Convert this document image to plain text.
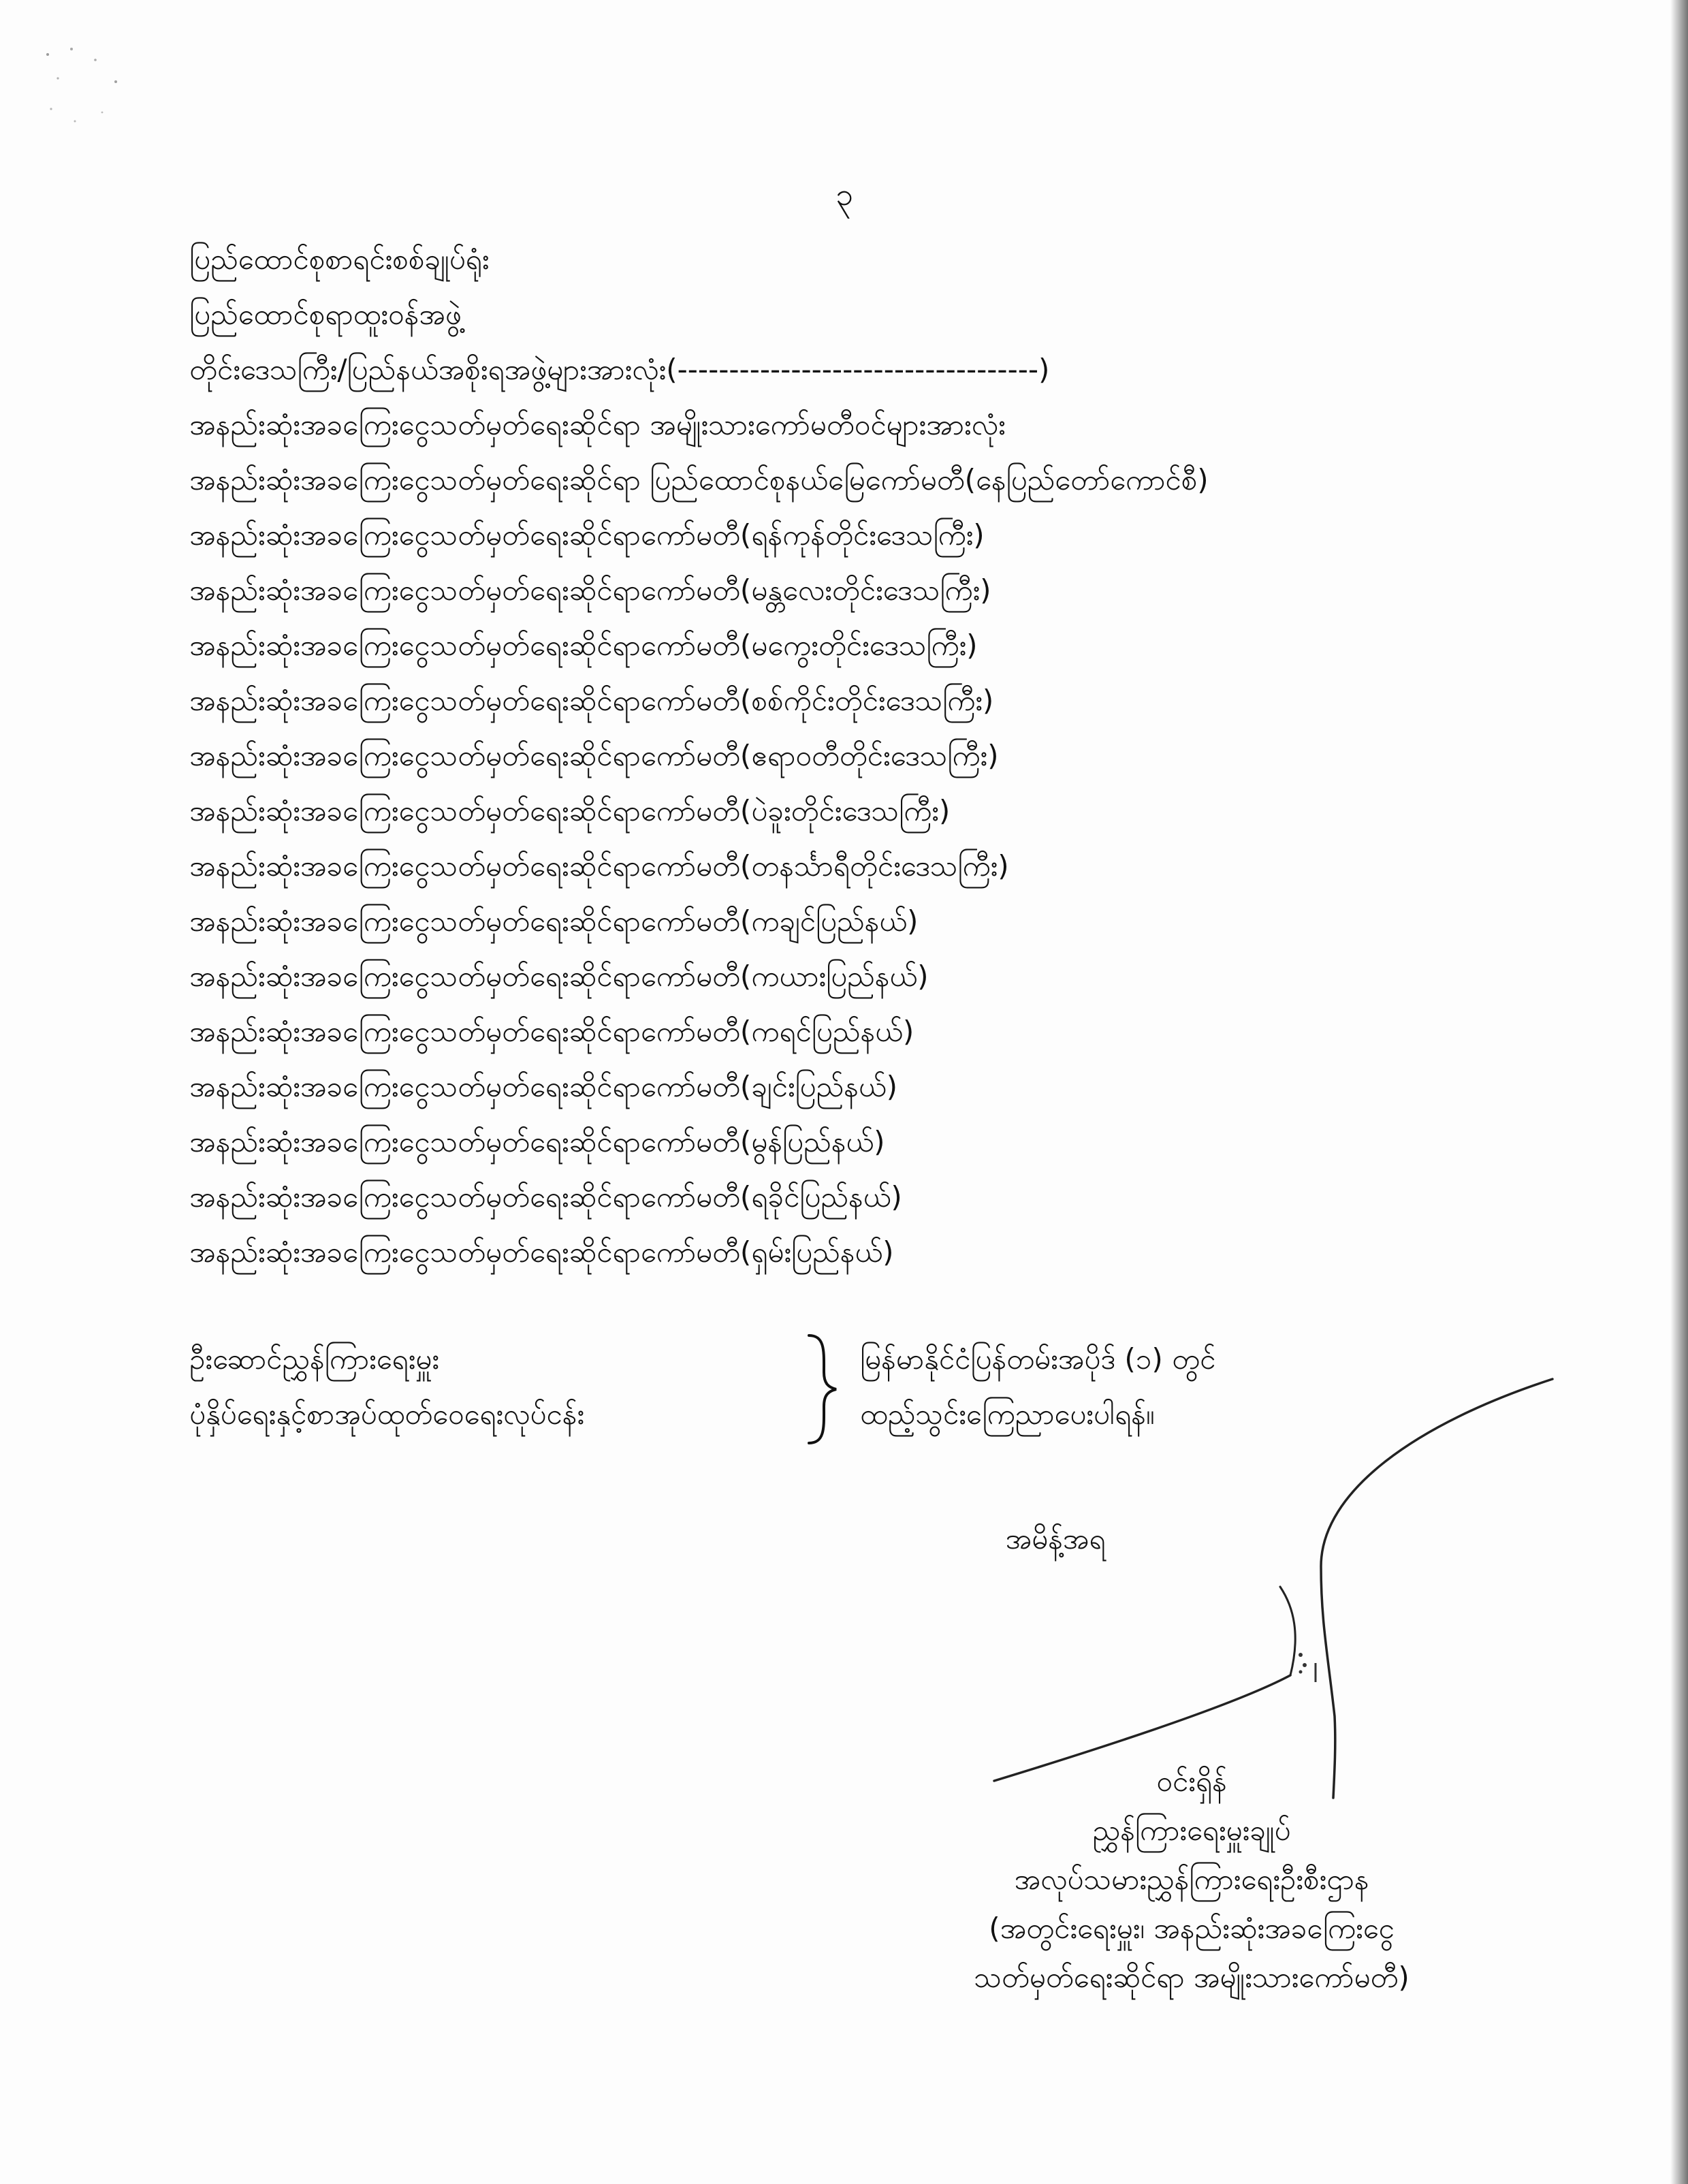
၃
ပြည်ထောင်စုစာရင်းစစ်ချုပ်ရုံး
ပြည်ထောင်စုရာထူးဝန်အဖွဲ့
တိုင်းဒေသကြီး/ပြည်နယ်အစိုးရအဖွဲ့များအားလုံး(-----------------------------------)
အနည်းဆုံးအခကြေးငွေသတ်မှတ်ရေးဆိုင်ရာ အမျိုးသားကော်မတီဝင်များအားလုံး
အနည်းဆုံးအခကြေးငွေသတ်မှတ်ရေးဆိုင်ရာ ပြည်ထောင်စုနယ်မြေကော်မတီ(နေပြည်တော်ကောင်စီ)
အနည်းဆုံးအခကြေးငွေသတ်မှတ်ရေးဆိုင်ရာကော်မတီ(ရန်ကုန်တိုင်းဒေသကြီး)
အနည်းဆုံးအခကြေးငွေသတ်မှတ်ရေးဆိုင်ရာကော်မတီ(မန္တလေးတိုင်းဒေသကြီး)
အနည်းဆုံးအခကြေးငွေသတ်မှတ်ရေးဆိုင်ရာကော်မတီ(မကွေးတိုင်းဒေသကြီး)
အနည်းဆုံးအခကြေးငွေသတ်မှတ်ရေးဆိုင်ရာကော်မတီ(စစ်ကိုင်းတိုင်းဒေသကြီး)
အနည်းဆုံးအခကြေးငွေသတ်မှတ်ရေးဆိုင်ရာကော်မတီ(ဧရာဝတီတိုင်းဒေသကြီး)
အနည်းဆုံးအခကြေးငွေသတ်မှတ်ရေးဆိုင်ရာကော်မတီ(ပဲခူးတိုင်းဒေသကြီး)
အနည်းဆုံးအခကြေးငွေသတ်မှတ်ရေးဆိုင်ရာကော်မတီ(တနင်္သာရီတိုင်းဒေသကြီး)
အနည်းဆုံးအခကြေးငွေသတ်မှတ်ရေးဆိုင်ရာကော်မတီ(ကချင်ပြည်နယ်)
အနည်းဆုံးအခကြေးငွေသတ်မှတ်ရေးဆိုင်ရာကော်မတီ(ကယားပြည်နယ်)
အနည်းဆုံးအခကြေးငွေသတ်မှတ်ရေးဆိုင်ရာကော်မတီ(ကရင်ပြည်နယ်)
အနည်းဆုံးအခကြေးငွေသတ်မှတ်ရေးဆိုင်ရာကော်မတီ(ချင်းပြည်နယ်)
အနည်းဆုံးအခကြေးငွေသတ်မှတ်ရေးဆိုင်ရာကော်မတီ(မွန်ပြည်နယ်)
အနည်းဆုံးအခကြေးငွေသတ်မှတ်ရေးဆိုင်ရာကော်မတီ(ရခိုင်ပြည်နယ်)
အနည်းဆုံးအခကြေးငွေသတ်မှတ်ရေးဆိုင်ရာကော်မတီ(ရှမ်းပြည်နယ်)
ဦးဆောင်ညွှန်ကြားရေးမှူး
ပုံနှိပ်ရေးနှင့်စာအုပ်ထုတ်ဝေရေးလုပ်ငန်း
မြန်မာနိုင်ငံပြန်တမ်းအပိုဒ် (၁) တွင်
ထည့်သွင်းကြေညာပေးပါရန်။
အမိန့်အရ
ဝင်းရှိန်
ညွှန်ကြားရေးမှူးချုပ်
အလုပ်သမားညွှန်ကြားရေးဦးစီးဌာန
(အတွင်းရေးမှူး၊ အနည်းဆုံးအခကြေးငွေ
သတ်မှတ်ရေးဆိုင်ရာ အမျိုးသားကော်မတီ)
